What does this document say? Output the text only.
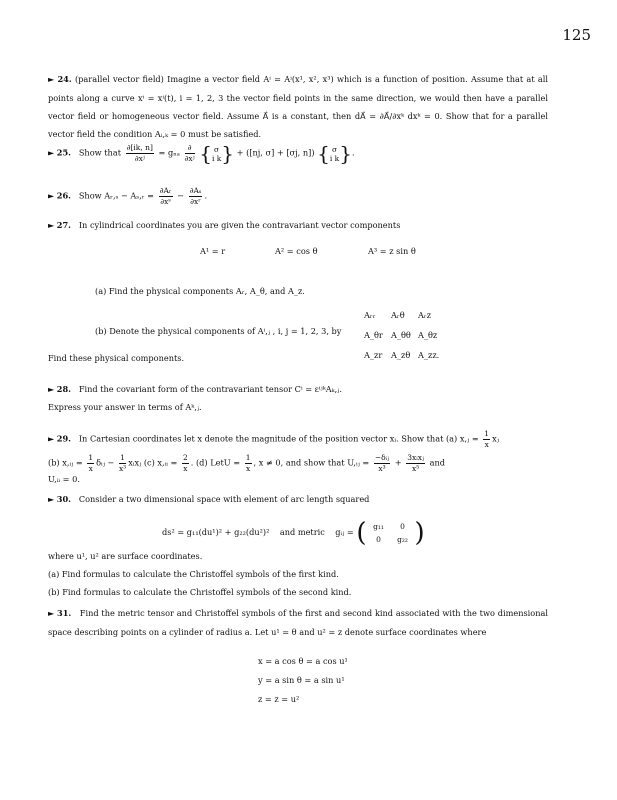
125
► 24. (parallel vector field) Imagine a vector field Aⁱ = Aⁱ(x¹, x², x³) which is a function of position. Assume that at all points along a curve xⁱ = xⁱ(t), i = 1, 2, 3 the vector field points in the same direction, we would then have a parallel vector field or homogeneous vector field. Assume A⃗ is a constant, then dA⃗ = ∂A⃗/∂xᵏ dxᵏ = 0. Show that for a parallel vector field the condition Aᵢ,ₖ = 0 must be satisfied.
► 25. Show that $\frac{\partial[ik, n]}{\text{∂xʲ}} = g_{na} \frac{\partial}{\text{∂xʲ}}$ { σ
i k} + ([nj, σ] + [σj, n]) { σ
i k}.
► 26. Show Aᵣ,ₛ − Aₛ,ᵣ = $\frac{\text{∂Aᵣ}}{\text{∂xˢ}} - \frac{\text{∂Aₛ}}{\text{∂xʳ}}$ .
► 27. In cylindrical coordinates you are given the contravariant vector components
A¹ = r	A² = cos θ	A³ = z sin θ
(a) Find the physical components Aᵣ, A_θ, and A_z.
Aᵣᵣ Aᵣθ Aᵣz
A_θr A_θθ A_θz
A_zr A_zθ A_zz.
(b) Denote the physical components of Aⁱ,ⱼ , i, j = 1, 2, 3, by
Find these physical components.
► 28. Find the covariant form of the contravariant tensor Cⁱ = εⁱʲᵏAₖ,ⱼ.
Express your answer in terms of Aᵏ,ⱼ.
► 29. In Cartesian coordinates let x denote the magnitude of the position vector xᵢ. Show that (a) x,ⱼ = $\frac{1}{x}$ xⱼ
(b) x,ᵢⱼ = $\frac{1}{x}$ δᵢⱼ − $\frac{1}{\text{x³}}$ xᵢxⱼ (c) x,ᵢᵢ = $\frac{2}{x}$ . (d) LetU = $\frac{1}{x}$ , x ≠ 0, and show that U,ᵢⱼ = $\frac{\text{−δᵢⱼ}}{\text{x³}} + \frac{\text{3xᵢxⱼ}}{\text{x⁵}}$ and
U,ᵢᵢ = 0.
► 30. Consider a two dimensional space with element of arc length squared
ds² = g₁₁(du¹)² + g₂₂(du²)² and metric gᵢⱼ = ( g₁₁ 0
0 g₂₂ )
where u¹, u² are surface coordinates.
(a) Find formulas to calculate the Christoffel symbols of the first kind.
(b) Find formulas to calculate the Christoffel symbols of the second kind.
► 31. Find the metric tensor and Christoffel symbols of the first and second kind associated with the two dimensional space describing points on a cylinder of radius a. Let u¹ = θ and u² = z denote surface coordinates where
x = a cos θ = a cos u¹
y = a sin θ = a sin u¹
z = z = u²
